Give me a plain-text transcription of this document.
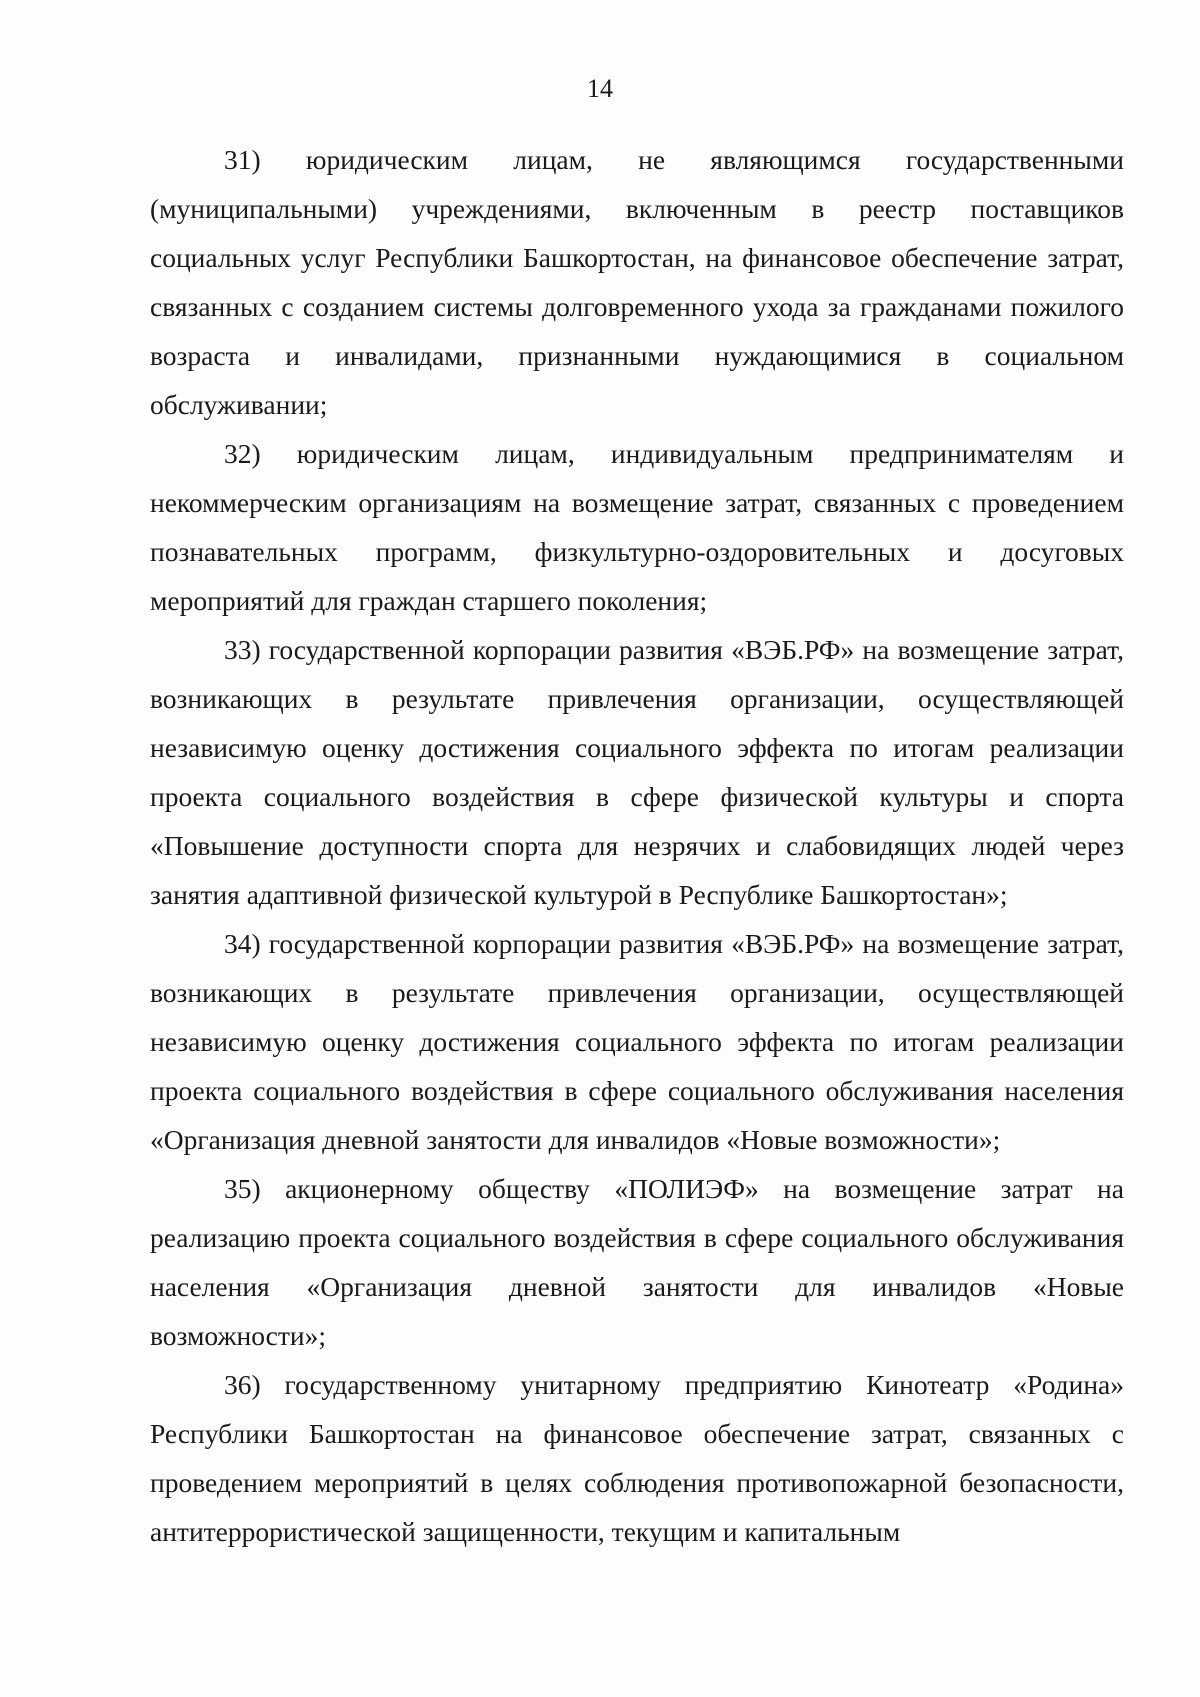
14

31) юридическим лицам, не являющимся государственными (муниципальными) учреждениями, включенным в реестр поставщиков социальных услуг Республики Башкортостан, на финансовое обеспечение затрат, связанных с созданием системы долговременного ухода за гражданами пожилого возраста и инвалидами, признанными нуждающимися в социальном обслуживании;

32) юридическим лицам, индивидуальным предпринимателям и некоммерческим организациям на возмещение затрат, связанных с проведением познавательных программ, физкультурно-оздоровительных и досуговых мероприятий для граждан старшего поколения;

33) государственной корпорации развития «ВЭБ.РФ» на возмещение затрат, возникающих в результате привлечения организации, осуществляющей независимую оценку достижения социального эффекта по итогам реализации проекта социального воздействия в сфере физической культуры и спорта «Повышение доступности спорта для незрячих и слабовидящих людей через занятия адаптивной физической культурой в Республике Башкортостан»;

34) государственной корпорации развития «ВЭБ.РФ» на возмещение затрат, возникающих в результате привлечения организации, осуществляющей независимую оценку достижения социального эффекта по итогам реализации проекта социального воздействия в сфере социального обслуживания населения «Организация дневной занятости для инвалидов «Новые возможности»;

35) акционерному обществу «ПОЛИЭФ» на возмещение затрат на реализацию проекта социального воздействия в сфере социального обслуживания населения «Организация дневной занятости для инвалидов «Новые возможности»;

36) государственному унитарному предприятию Кинотеатр «Родина» Республики Башкортостан на финансовое обеспечение затрат, связанных с проведением мероприятий в целях соблюдения противопожарной безопасности, антитеррористической защищенности, текущим и капитальным
